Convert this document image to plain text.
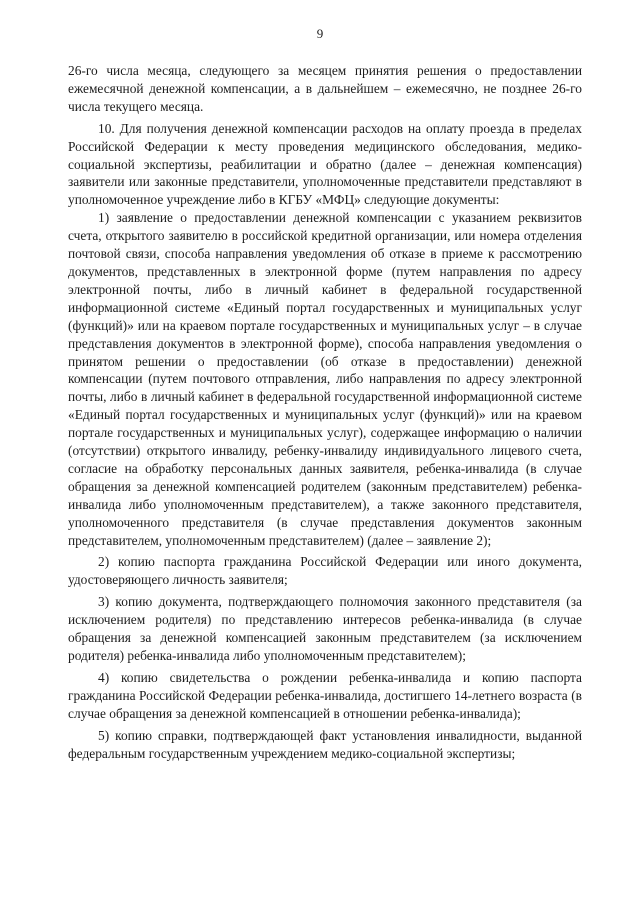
9

26-го числа месяца, следующего за месяцем принятия решения о предоставлении ежемесячной денежной компенсации, а в дальнейшем – ежемесячно, не позднее 26-го числа текущего месяца.

10. Для получения денежной компенсации расходов на оплату проезда в пределах Российской Федерации к месту проведения медицинского обследования, медико-социальной экспертизы, реабилитации и обратно (далее – денежная компенсация) заявители или законные представители, уполномоченные представители представляют в уполномоченное учреждение либо в КГБУ «МФЦ» следующие документы:

1) заявление о предоставлении денежной компенсации с указанием реквизитов счета, открытого заявителю в российской кредитной организации, или номера отделения почтовой связи, способа направления уведомления об отказе в приеме к рассмотрению документов, представленных в электронной форме (путем направления по адресу электронной почты, либо в личный кабинет в федеральной государственной информационной системе «Единый портал государственных и муниципальных услуг (функций)» или на краевом портале государственных и муниципальных услуг – в случае представления документов в электронной форме), способа направления уведомления о принятом решении о предоставлении (об отказе в предоставлении) денежной компенсации (путем почтового отправления, либо направления по адресу электронной почты, либо в личный кабинет в федеральной государственной информационной системе «Единый портал государственных и муниципальных услуг (функций)» или на краевом портале государственных и муниципальных услуг), содержащее информацию о наличии (отсутствии) открытого инвалиду, ребенку-инвалиду индивидуального лицевого счета, согласие на обработку персональных данных заявителя, ребенка-инвалида (в случае обращения за денежной компенсацией родителем (законным представителем) ребенка-инвалида либо уполномоченным представителем), а также законного представителя, уполномоченного представителя (в случае представления документов законным представителем, уполномоченным представителем) (далее – заявление 2);

2) копию паспорта гражданина Российской Федерации или иного документа, удостоверяющего личность заявителя;

3) копию документа, подтверждающего полномочия законного представителя (за исключением родителя) по представлению интересов ребенка-инвалида (в случае обращения за денежной компенсацией законным представителем (за исключением родителя) ребенка-инвалида либо уполномоченным представителем);

4) копию свидетельства о рождении ребенка-инвалида и копию паспорта гражданина Российской Федерации ребенка-инвалида, достигшего 14-летнего возраста (в случае обращения за денежной компенсацией в отношении ребенка-инвалида);

5) копию справки, подтверждающей факт установления инвалидности, выданной федеральным государственным учреждением медико-социальной экспертизы;
